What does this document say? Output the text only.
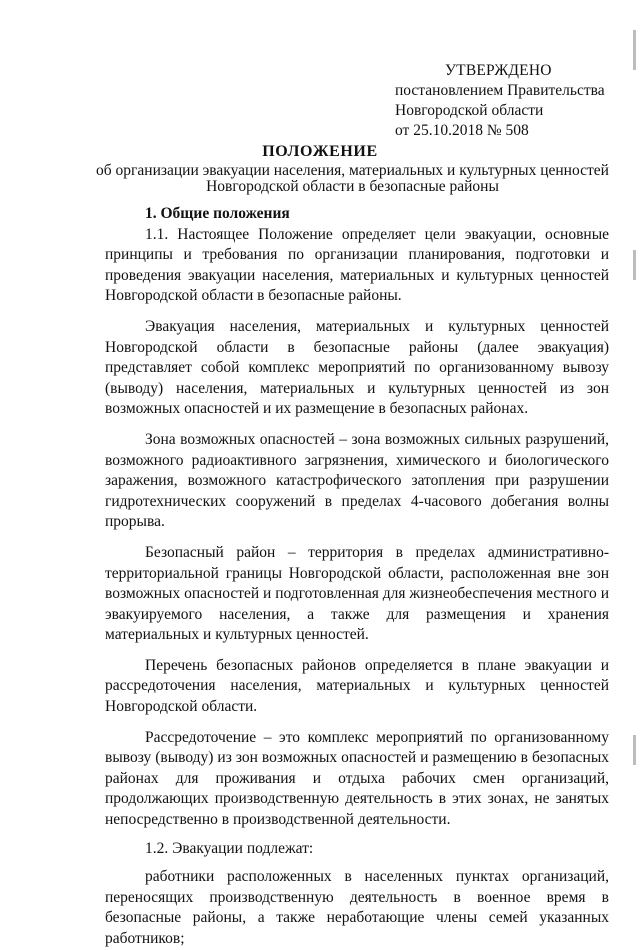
УТВЕРЖДЕНО
постановлением Правительства
Новгородской области
от 25.10.2018 № 508
ПОЛОЖЕНИЕ
об организации эвакуации населения, материальных и культурных ценностей Новгородской области в безопасные районы

1. Общие положения

1.1. Настоящее Положение определяет цели эвакуации, основные принципы и требования по организации планирования, подготовки и проведения эвакуации населения, материальных и культурных ценностей Новгородской области в безопасные районы.

Эвакуация населения, материальных и культурных ценностей Новгородской области в безопасные районы (далее эвакуация) представляет собой комплекс мероприятий по организованному вывозу (выводу) населения, материальных и культурных ценностей из зон возможных опасностей и их размещение в безопасных районах.

Зона возможных опасностей – зона возможных сильных разрушений, возможного радиоактивного загрязнения, химического и биологического заражения, возможного катастрофического затопления при разрушении гидротехнических сооружений в пределах 4-часового добегания волны прорыва.

Безопасный район – территория в пределах административно-территориальной границы Новгородской области, расположенная вне зон возможных опасностей и подготовленная для жизнеобеспечения местного и эвакуируемого населения, а также для размещения и хранения материальных и культурных ценностей.

Перечень безопасных районов определяется в плане эвакуации и рассредоточения населения, материальных и культурных ценностей Новгородской области.

Рассредоточение – это комплекс мероприятий по организованному вывозу (выводу) из зон возможных опасностей и размещению в безопасных районах для проживания и отдыха рабочих смен организаций, продолжающих производственную деятельность в этих зонах, не занятых непосредственно в производственной деятельности.

1.2. Эвакуации подлежат:

работники расположенных в населенных пунктах организаций, переносящих производственную деятельность в военное время в безопасные районы, а также неработающие члены семей указанных работников;
